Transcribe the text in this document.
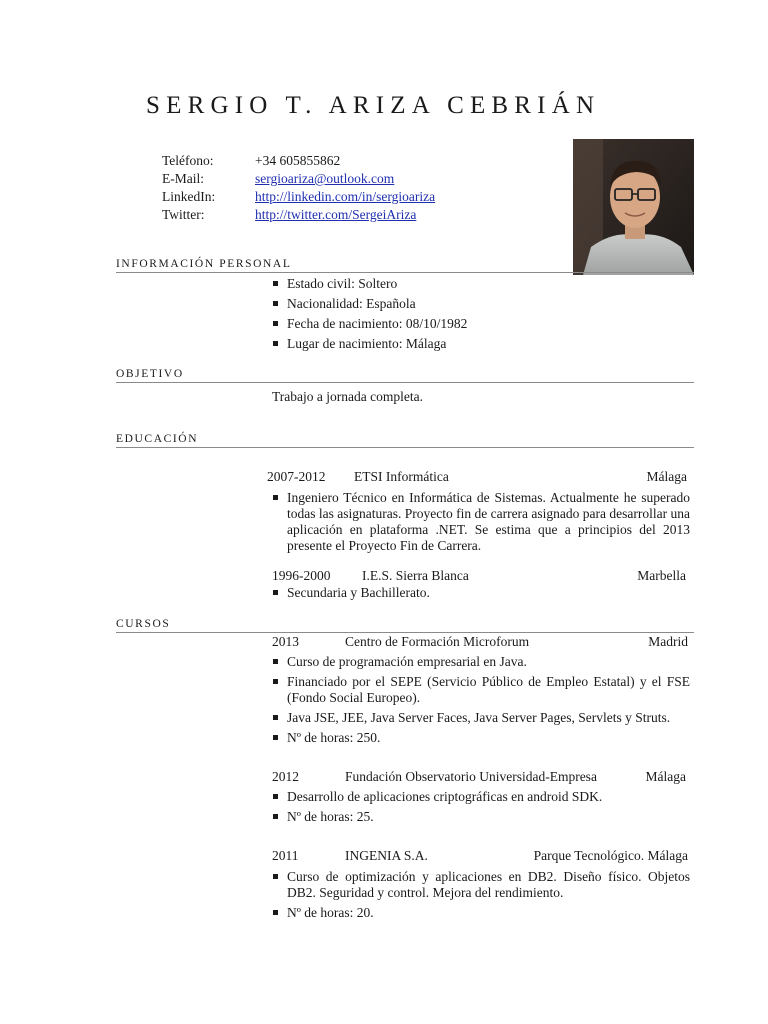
SERGIO T. ARIZA CEBRIÁN
Teléfono:	+34 605855862
E-Mail:	sergioariza@outlook.com
LinkedIn:	http://linkedin.com/in/sergioariza
Twitter:	http://twitter.com/SergeiAriza
INFORMACIÓN PERSONAL
Estado civil: Soltero
Nacionalidad: Española
Fecha de nacimiento: 08/10/1982
Lugar de nacimiento: Málaga
OBJETIVO
Trabajo a jornada completa.
EDUCACIÓN
2007-2012 ETSI Informática	Málaga
Ingeniero Técnico en Informática de Sistemas. Actualmente he superado todas las asignaturas. Proyecto fin de carrera asignado para desarrollar una aplicación en plataforma .NET. Se estima que a principios del 2013 presente el Proyecto Fin de Carrera.
1996-2000 I.E.S. Sierra Blanca	Marbella
Secundaria y Bachillerato.
CURSOS
2013	Centro de Formación Microforum	Madrid
Curso de programación empresarial en Java.
Financiado por el SEPE (Servicio Público de Empleo Estatal) y el FSE (Fondo Social Europeo).
Java JSE, JEE, Java Server Faces, Java Server Pages, Servlets y Struts.
Nº de horas: 250.
2012	Fundación Observatorio Universidad-Empresa	Málaga
Desarrollo de aplicaciones criptográficas en android SDK.
Nº de horas: 25.
2011	INGENIA S.A.	Parque Tecnológico. Málaga
Curso de optimización y aplicaciones en DB2. Diseño físico. Objetos DB2. Seguridad y control. Mejora del rendimiento.
Nº de horas: 20.
